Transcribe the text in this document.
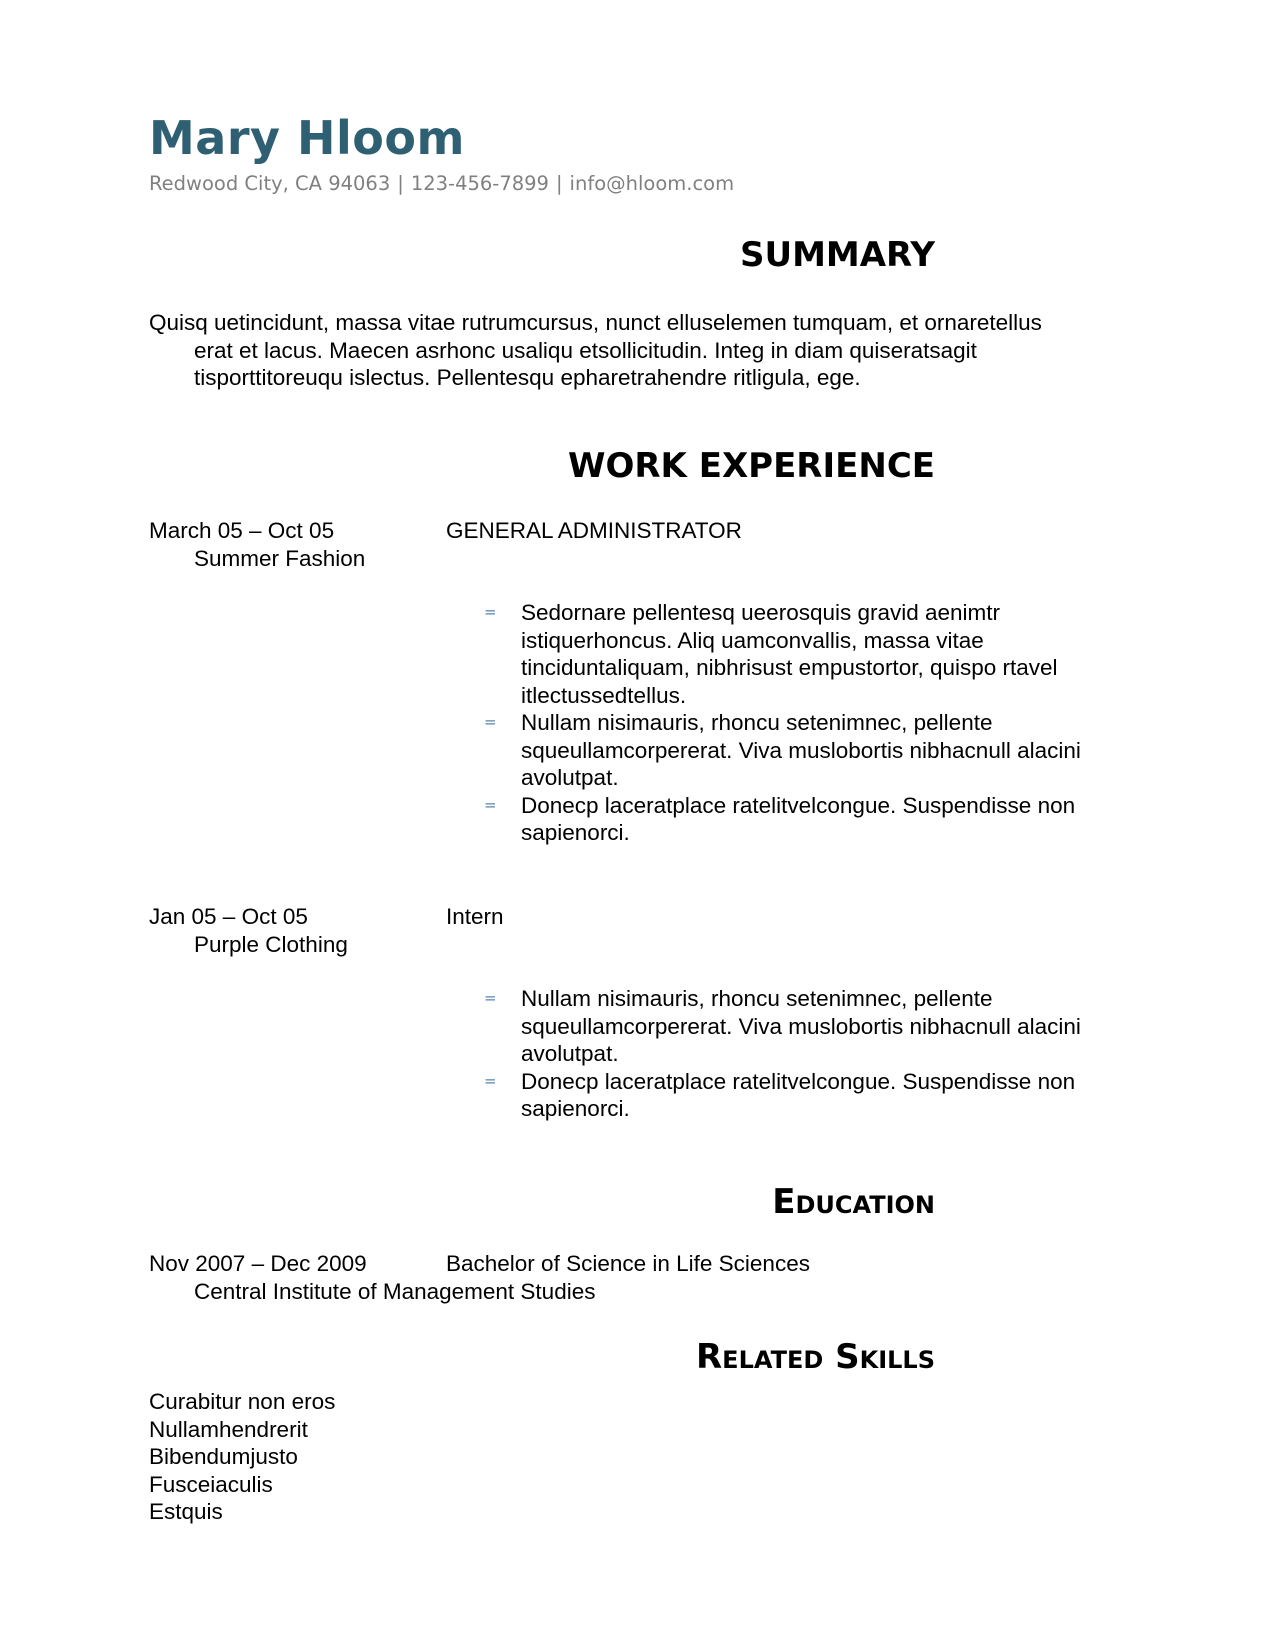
Mary Hloom
Redwood City, CA 94063 | 123-456-7899 | info@hloom.com
SUMMARY

Quisq uetincidunt, massa vitae rutrumcursus, nunct elluselemen tumquam, et ornaretellus erat et lacus. Maecen asrhonc usaliqu etsollicitudin. Integ in diam quiseratsagit tisporttitoreuqu islectus. Pellentesqu epharetrahendre ritligula, ege.

WORK EXPERIENCE
March 05 – Oct 05
Summer Fashion
GENERAL ADMINISTRATOR
= Sedornare pellentesq ueerosquis gravid aenimtr istiquerhoncus. Aliq uamconvallis, massa vitae tinciduntaliquam, nibhrisust empustortor, quispo rtavel itlectussedtellus.
= Nullam nisimauris, rhoncu setenimnec, pellente squeullamcorpererat. Viva muslobortis nibhacnull alacini avolutpat.
= Donecp laceratplace ratelitvelcongue. Suspendisse non sapienorci.
Jan 05 – Oct 05
Purple Clothing
Intern
= Nullam nisimauris, rhoncu setenimnec, pellente squeullamcorpererat. Viva muslobortis nibhacnull alacini avolutpat.
= Donecp laceratplace ratelitvelcongue. Suspendisse non sapienorci.
Education
Nov 2007 – Dec 2009
Central Institute of Management Studies
Bachelor of Science in Life Sciences
Related Skills
Curabitur non eros
Nullamhendrerit
Bibendumjusto
Fusceiaculis
Estquis
